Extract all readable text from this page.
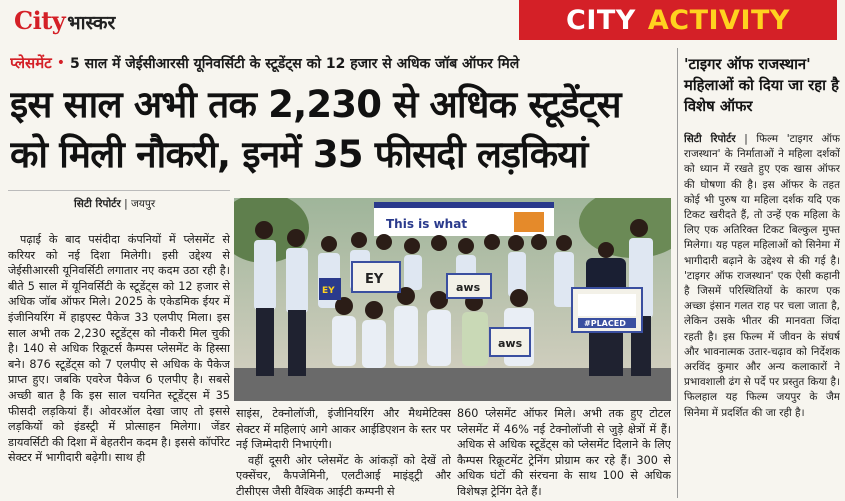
City भास्कर	CITY ACTIVITY
प्लेसमेंट • 5 साल में जेईसीआरसी यूनिवर्सिटी के स्टूडेंट्स को 12 हजार से अधिक जॉब ऑफर मिले
इस साल अभी तक 2,230 से अधिक स्टूडेंट्स
को मिली नौकरी, इनमें 35 फीसदी लड़कियां
सिटी रिपोर्टर | जयपुर

पढ़ाई के बाद पसंदीदा कंपनियों में प्लेसमेंट से करियर को नई दिशा मिलेगी। इसी उद्देश्य से जेईसीआरसी यूनिवर्सिटी लगातार नए कदम उठा रही है। बीते 5 साल में यूनिवर्सिटी के स्टूडेंट्स को 12 हजार से अधिक जॉब ऑफर मिले। 2025 के एकेडमिक ईयर में इंजीनियरिंग में हाइएस्ट पैकेज 33 एलपीए मिला। इस साल अभी तक 2,230 स्टूडेंट्स को नौकरी मिल चुकी है। 140 से अधिक रिक्रूटर्स कैम्पस प्लेसमेंट के हिस्सा बने। 876 स्टूडेंट्स को 7 एलपीए से अधिक के पैकेज प्राप्त हुए। जबकि एवरेज पैकेज 6 एलपीए है। सबसे अच्छी बात है कि इस साल चयनित स्टूडेंट्स में 35 फीसदी लड़कियां हैं। ओवरऑल देखा जाए तो इससे लड़कियों को इंडस्ट्री में प्रोत्साहन मिलेगा। जेंडर डायवर्सिटी की दिशा में बेहतरीन कदम है। इससे कॉर्पोरेट सेक्टर में भागीदारी बढ़ेगी। साथ ही

साइंस, टेक्नोलॉजी, इंजीनियरिंग और मैथमेटिक्स सेक्टर में महिलाएं आगे आकर आईडिएशन के स्तर पर नई जिम्मेदारी निभाएंगी।

वहीं दूसरी ओर प्लेसमेंट के आंकड़ों को देखें तो एक्सेंचर, कैपजेमिनी, एलटीआई माइंड्ट्री और टीसीएस जैसी वैश्विक आईटी कम्पनी से

860 प्लेसमेंट ऑफर मिले। अभी तक हुए टोटल प्लेसमेंट में 46% नई टेक्नोलॉजी से जुड़े क्षेत्रों में हैं। अधिक से अधिक स्टूडेंट्स को प्लेसमेंट दिलाने के लिए कैम्पस रिक्रूटमेंट ट्रेनिंग प्रोग्राम कर रहे हैं। 300 से अधिक घंटों की संरचना के साथ 100 से अधिक विशेषज्ञ ट्रेनिंग देते हैं।

This is what
EY
EY	aws
#PLACED
aws
'टाइगर ऑफ राजस्थान' महिलाओं को दिया जा रहा है विशेष ऑफर
सिटी रिपोर्टर | फिल्म 'टाइगर ऑफ राजस्थान' के निर्माताओं ने महिला दर्शकों को ध्यान में रखते हुए एक खास ऑफर की घोषणा की है। इस ऑफर के तहत कोई भी पुरुष या महिला दर्शक यदि एक टिकट खरीदते हैं, तो उन्हें एक महिला के लिए एक अतिरिक्त टिकट बिल्कुल मुफ्त मिलेगा। यह पहल महिलाओं को सिनेमा में भागीदारी बढ़ाने के उद्देश्य से की गई है। 'टाइगर ऑफ राजस्थान' एक ऐसी कहानी है जिसमें परिस्थितियों के कारण एक अच्छा इंसान गलत राह पर चला जाता है, लेकिन उसके भीतर की मानवता जिंदा रहती है। इस फिल्म में जीवन के संघर्ष और भावनात्मक उतार-चढ़ाव को निर्देशक अरविंद कुमार और अन्य कलाकारों ने प्रभावशाली ढंग से पर्दे पर प्रस्तुत किया है। फिलहाल यह फिल्म जयपुर के जैम सिनेमा में प्रदर्शित की जा रही है।
